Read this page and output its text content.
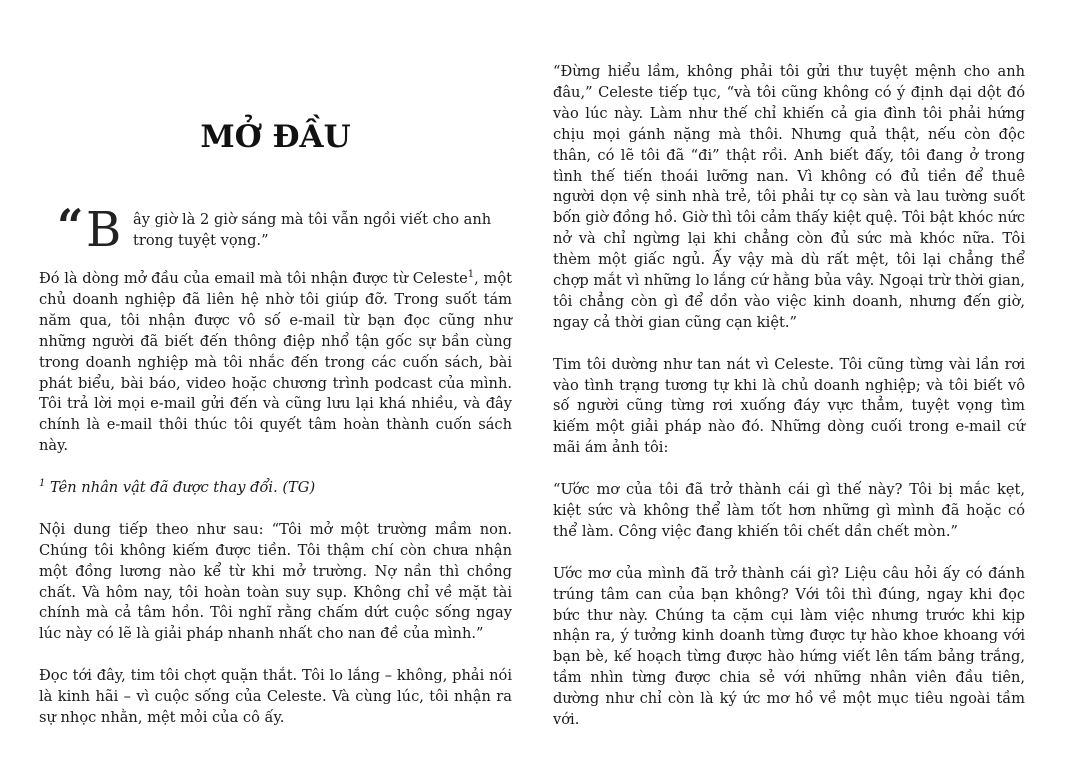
MỞ ĐẦU
“ B ây giờ là 2 giờ sáng mà tôi vẫn ngồi viết cho anh trong tuyệt vọng.”

Đó là dòng mở đầu của email mà tôi nhận được từ Celeste$^1$, một chủ doanh nghiệp đã liên hệ nhờ tôi giúp đỡ. Trong suốt tám năm qua, tôi nhận được vô số e-mail từ bạn đọc cũng như những người đã biết đến thông điệp nhổ tận gốc sự bần cùng trong doanh nghiệp mà tôi nhắc đến trong các cuốn sách, bài phát biểu, bài báo, video hoặc chương trình podcast của mình. Tôi trả lời mọi e-mail gửi đến và cũng lưu lại khá nhiều, và đây chính là e-mail thôi thúc tôi quyết tâm hoàn thành cuốn sách này.

$^1$ Tên nhân vật đã được thay đổi. (TG)

Nội dung tiếp theo như sau: “Tôi mở một trường mầm non. Chúng tôi không kiếm được tiền. Tôi thậm chí còn chưa nhận một đồng lương nào kể từ khi mở trường. Nợ nần thì chồng chất. Và hôm nay, tôi hoàn toàn suy sụp. Không chỉ về mặt tài chính mà cả tâm hồn. Tôi nghĩ rằng chấm dứt cuộc sống ngay lúc này có lẽ là giải pháp nhanh nhất cho nan đề của mình.”

Đọc tới đây, tim tôi chợt quặn thắt. Tôi lo lắng – không, phải nói là kinh hãi – vì cuộc sống của Celeste. Và cùng lúc, tôi nhận ra sự nhọc nhằn, mệt mỏi của cô ấy.

“Đừng hiểu lầm, không phải tôi gửi thư tuyệt mệnh cho anh đâu,” Celeste tiếp tục, “và tôi cũng không có ý định dại dột đó vào lúc này. Làm như thế chỉ khiến cả gia đình tôi phải hứng chịu mọi gánh nặng mà thôi. Nhưng quả thật, nếu còn độc thân, có lẽ tôi đã “đi” thật rồi. Anh biết đấy, tôi đang ở trong tình thế tiến thoái lưỡng nan. Vì không có đủ tiền để thuê người dọn vệ sinh nhà trẻ, tôi phải tự cọ sàn và lau tường suốt bốn giờ đồng hồ. Giờ thì tôi cảm thấy kiệt quệ. Tôi bật khóc nức nở và chỉ ngừng lại khi chẳng còn đủ sức mà khóc nữa. Tôi thèm một giấc ngủ. Ấy vậy mà dù rất mệt, tôi lại chẳng thể chợp mắt vì những lo lắng cứ hằng bủa vây. Ngoại trừ thời gian, tôi chẳng còn gì để dồn vào việc kinh doanh, nhưng đến giờ, ngay cả thời gian cũng cạn kiệt.”

Tim tôi dường như tan nát vì Celeste. Tôi cũng từng vài lần rơi vào tình trạng tương tự khi là chủ doanh nghiệp; và tôi biết vô số người cũng từng rơi xuống đáy vực thẳm, tuyệt vọng tìm kiếm một giải pháp nào đó. Những dòng cuối trong e-mail cứ mãi ám ảnh tôi:

“Ước mơ của tôi đã trở thành cái gì thế này? Tôi bị mắc kẹt, kiệt sức và không thể làm tốt hơn những gì mình đã hoặc có thể làm. Công việc đang khiến tôi chết dần chết mòn.”

Ước mơ của mình đã trở thành cái gì? Liệu câu hỏi ấy có đánh trúng tâm can của bạn không? Với tôi thì đúng, ngay khi đọc bức thư này. Chúng ta cặm cụi làm việc nhưng trước khi kịp nhận ra, ý tưởng kinh doanh từng được tự hào khoe khoang với bạn bè, kế hoạch từng được hào hứng viết lên tấm bảng trắng, tầm nhìn từng được chia sẻ với những nhân viên đầu tiên, dường như chỉ còn là ký ức mơ hồ về một mục tiêu ngoài tầm với.
